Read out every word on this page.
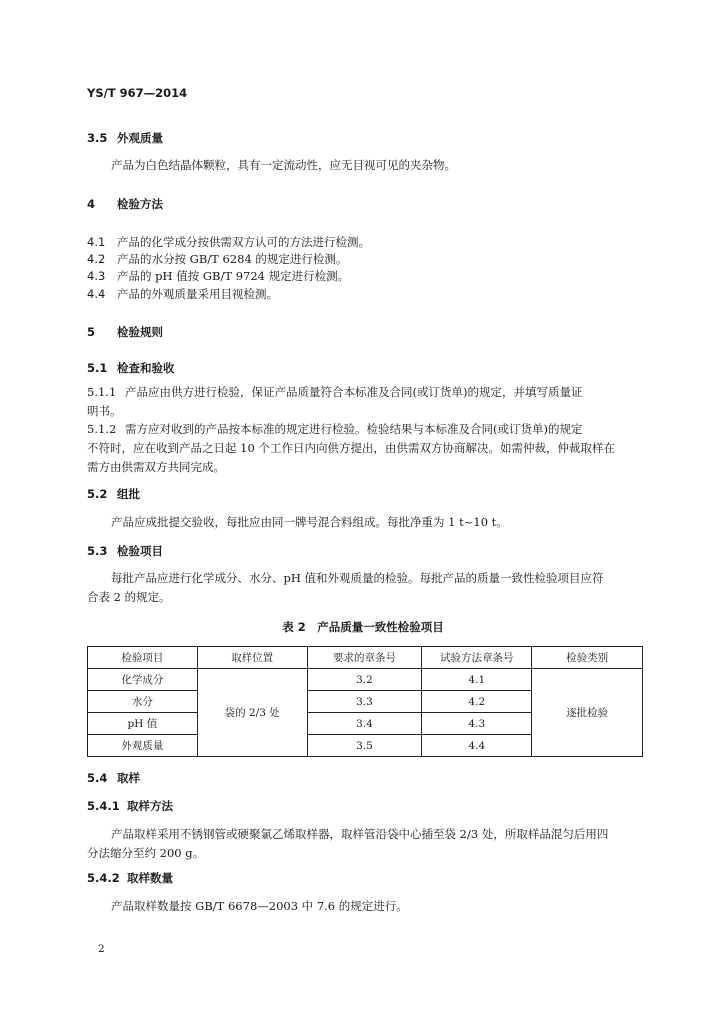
YS/T 967—2014
3.5 外观质量
产品为白色结晶体颗粒，具有一定流动性，应无目视可见的夹杂物。
4 检验方法
4.1 产品的化学成分按供需双方认可的方法进行检测。
4.2 产品的水分按 GB/T 6284 的规定进行检测。
4.3 产品的 pH 值按 GB/T 9724 规定进行检测。
4.4 产品的外观质量采用目视检测。
5 检验规则
5.1 检查和验收
5.1.1 产品应由供方进行检验，保证产品质量符合本标准及合同(或订货单)的规定，并填写质量证
明书。
5.1.2 需方应对收到的产品按本标准的规定进行检验。检验结果与本标准及合同(或订货单)的规定
不符时，应在收到产品之日起 10 个工作日内向供方提出，由供需双方协商解决。如需仲裁，仲裁取样在
需方由供需双方共同完成。
5.2 组批
产品应成批提交验收，每批应由同一牌号混合料组成。每批净重为 1 t~10 t。
5.3 检验项目
每批产品应进行化学成分、水分、pH 值和外观质量的检验。每批产品的质量一致性检验项目应符
合表 2 的规定。
表 2　产品质量一致性检验项目
检验项目	取样位置	要求的章条号	试验方法章条号	检验类别
化学成分	袋的 2/3 处	3.2	4.1	逐批检验
水分		3.3	4.2	
pH 值		3.4	4.3	
外观质量		3.5	4.4	
5.4 取样
5.4.1 取样方法
产品取样采用不锈钢管或硬聚氯乙烯取样器，取样管沿袋中心插至袋 2/3 处，所取样品混匀后用四
分法缩分至约 200 g。
5.4.2 取样数量
产品取样数量按 GB/T 6678—2003 中 7.6 的规定进行。
2
